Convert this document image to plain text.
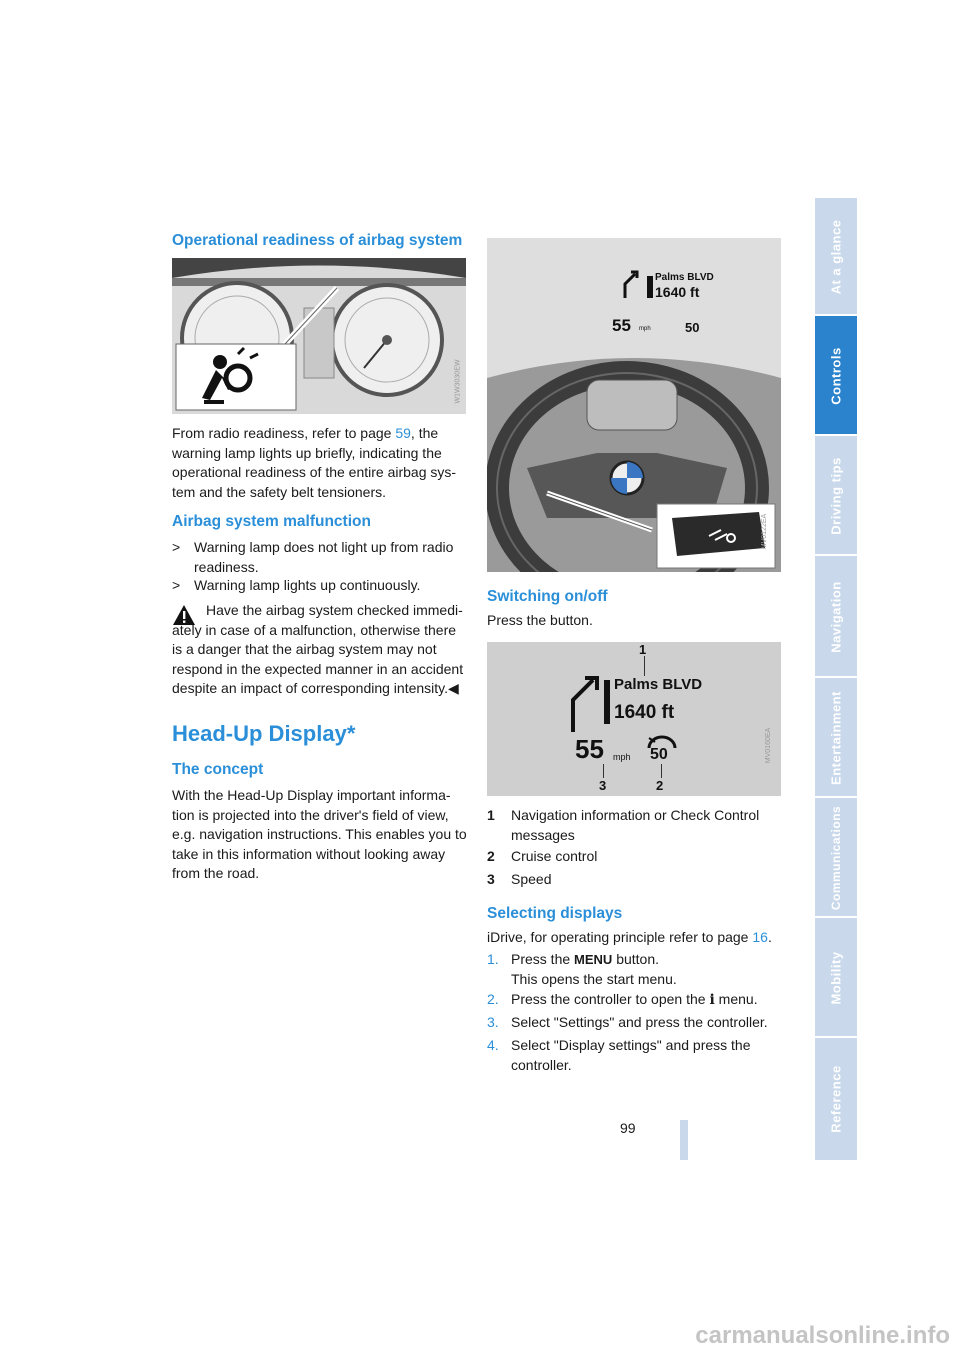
At a glance
Controls
Driving tips
Navigation
Entertainment
Communications
Mobility
Reference
Operational readiness of airbag system
W1W3030EW

From radio readiness, refer to page 59, the warning lamp lights up briefly, indicating the operational readiness of the entire airbag sys-tem and the safety belt tensioners.

Airbag system malfunction
> Warning lamp does not light up from radio readiness.
> Warning lamp lights up continuously.

Have the airbag system checked immedi-ately in case of a malfunction, otherwise there is a danger that the airbag system may not respond in the expected manner in an accident despite an impact of corresponding intensity.◀

Head-Up Display*
The concept

With the Head-Up Display important informa-tion is projected into the driver's field of view, e.g. navigation instructions. This enables you to take in this information without looking away from the road.

Palms BLVD
1640 ft
55 mph	50
MV0122EA
Switching on/off

Press the button.

Palms BLVD
1640 ft
55 mph 50
1
2
3
MV0160EA
1 Navigation information or Check Control messages
2 Cruise control
3 Speed
Selecting displays

iDrive, for operating principle refer to page 16.

1. Press the MENU button.
This opens the start menu.
2. Press the controller to open the i menu.
3. Select "Settings" and press the controller.
4. Select "Display settings" and press the controller.
99
carmanualsonline.info
